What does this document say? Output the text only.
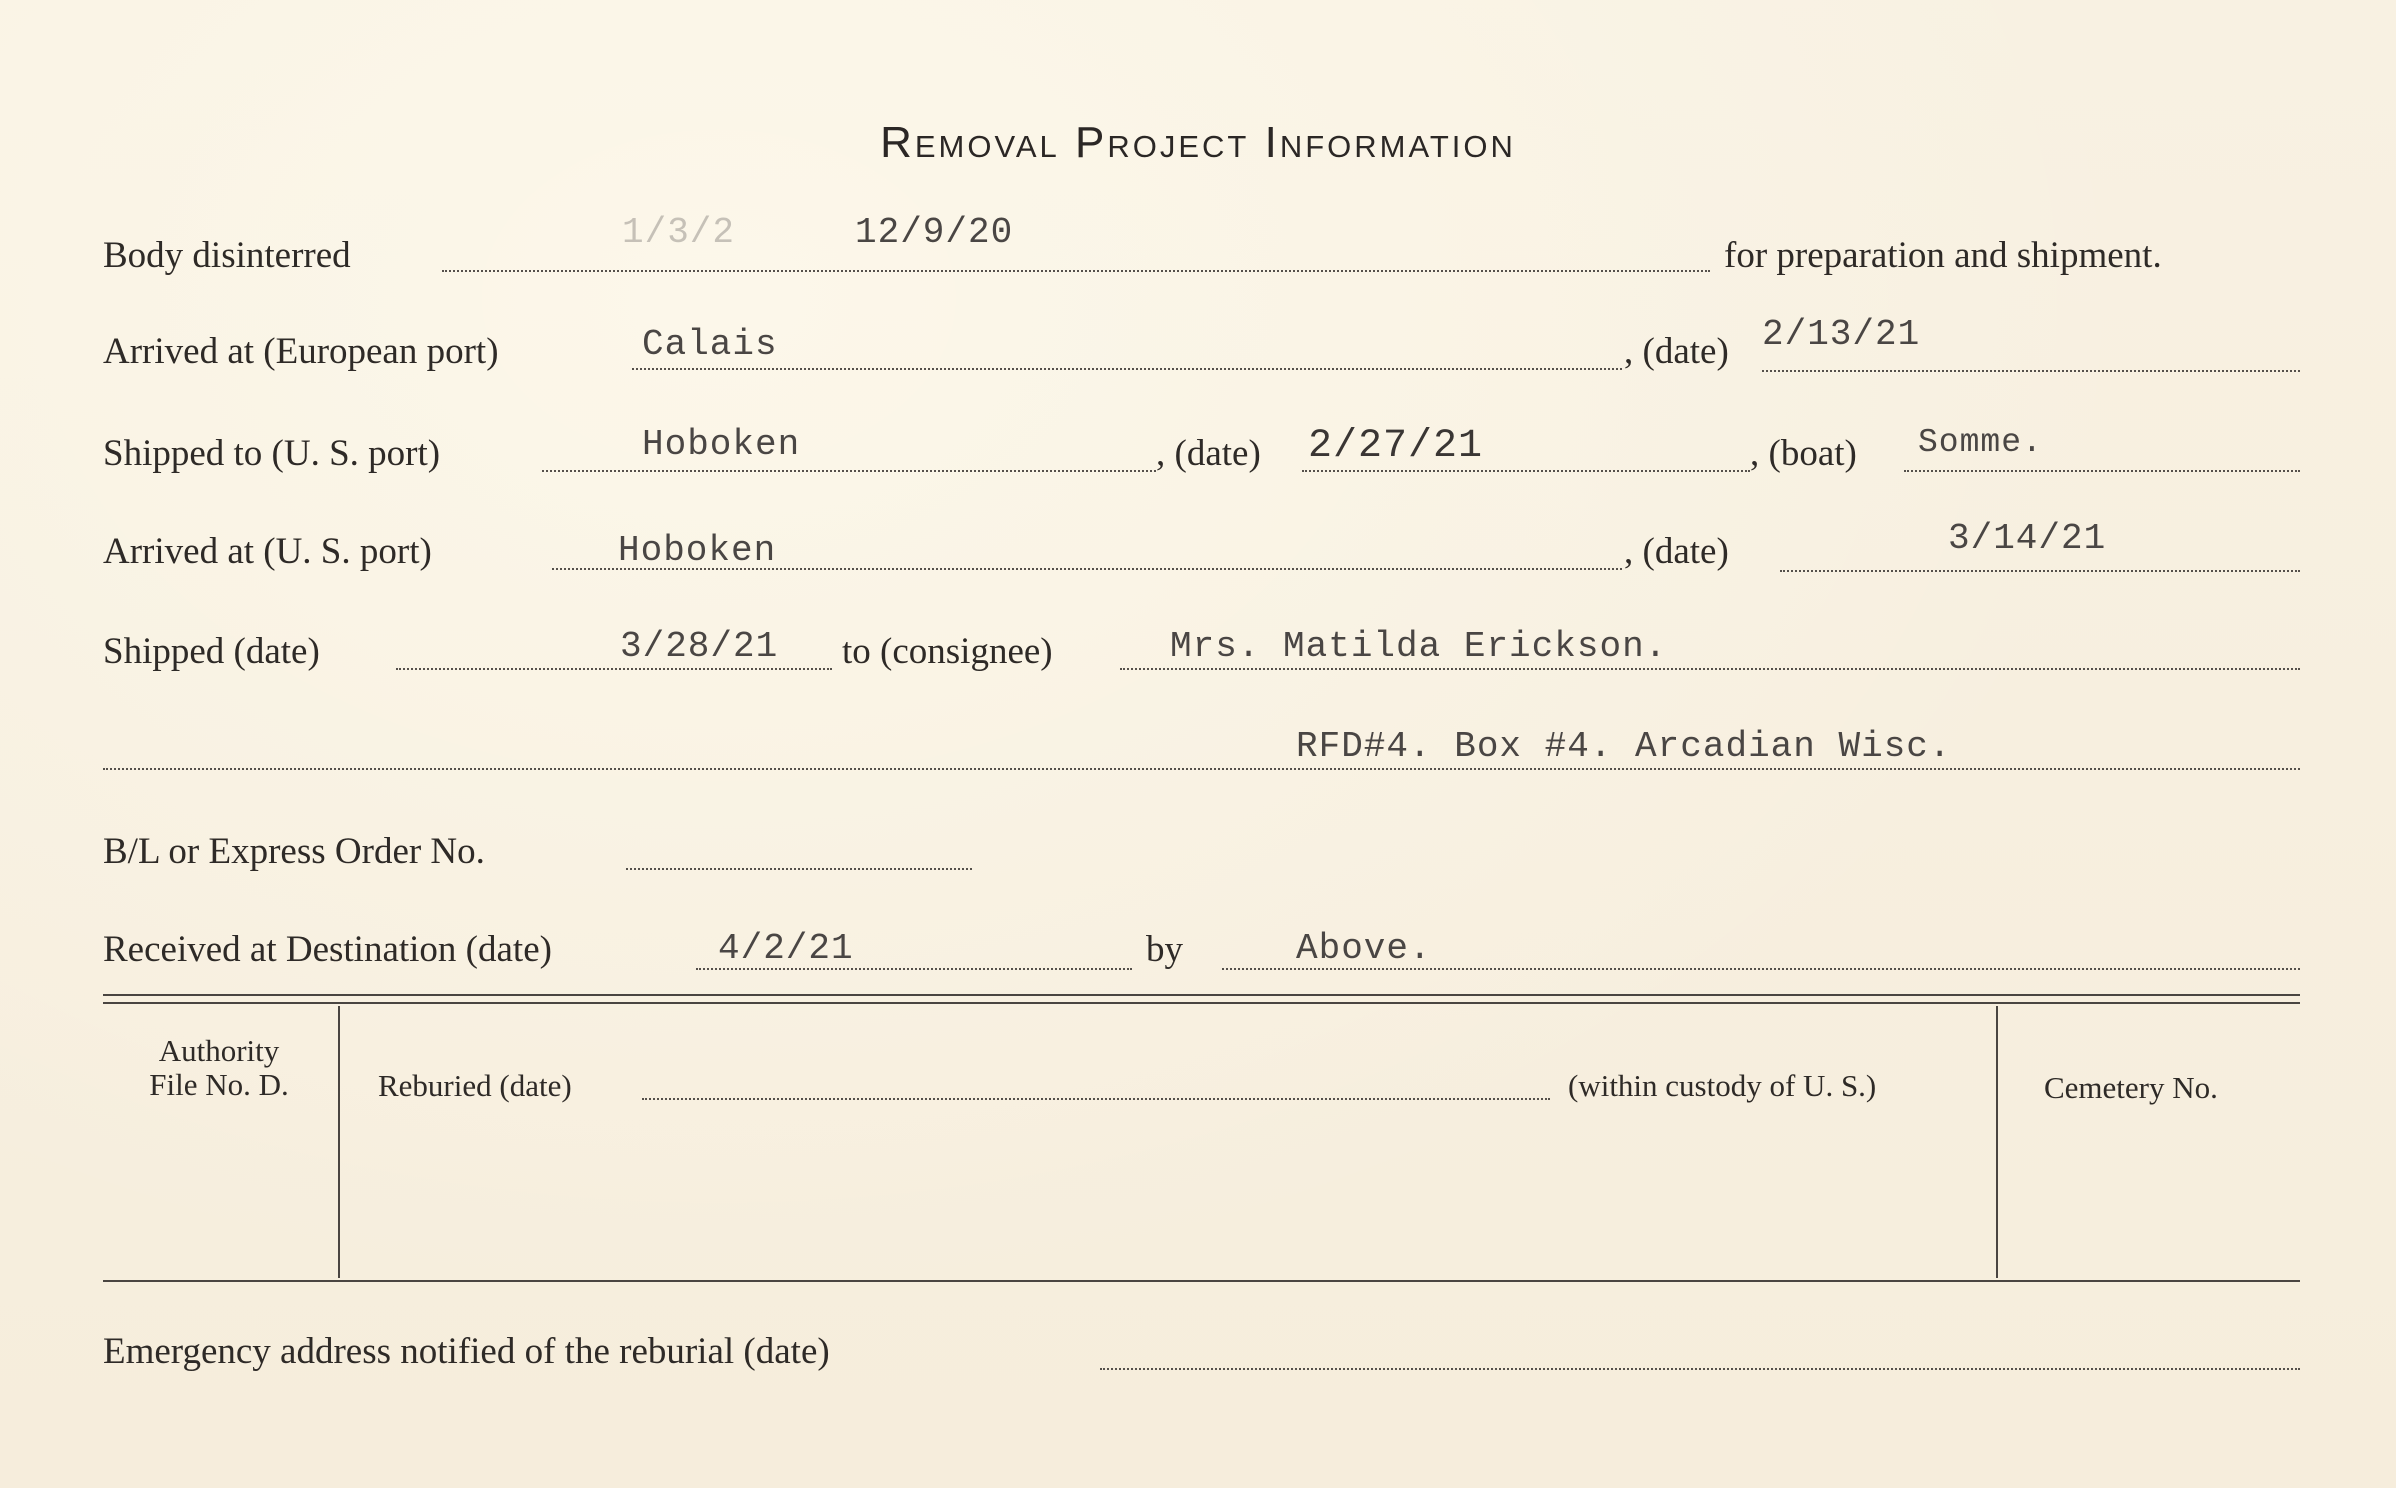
Removal Project Information
Body disinterred
1/3/2	12/9/20
for preparation and shipment.
Arrived at (European port)	Calais	, (date) 2/13/21
Shipped to (U. S. port)	Hoboken	, (date) 2/27/21	, (boat) Somme.
Arrived at (U. S. port)	Hoboken	, (date)	3/14/21
Shipped (date)	3/28/21 to (consignee)	Mrs. Matilda Erickson.
RFD#4. Box #4. Arcadian Wisc.
B/L or Express Order No.
Received at Destination (date)	4/2/21	by	Above.
Authority
File No. D.	Reburied (date)	(within custody of U. S.)	Cemetery No.
Emergency address notified of the reburial (date)
